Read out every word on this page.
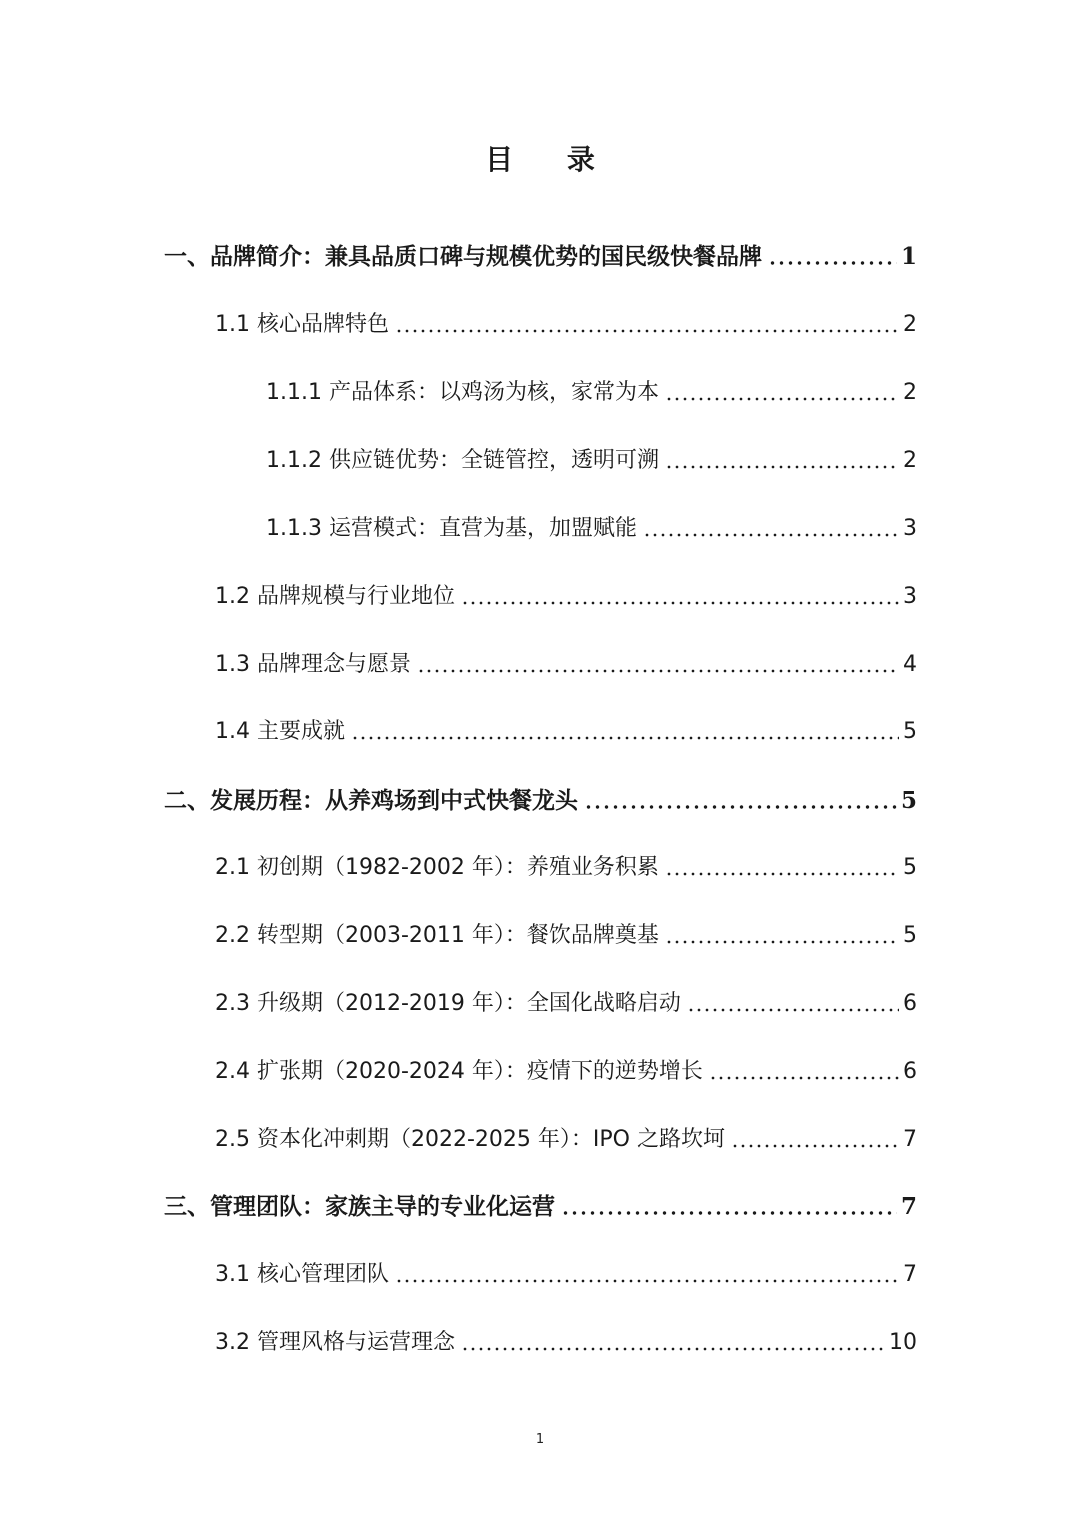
目 录
一、品牌简介：兼具品质口碑与规模优势的国民级快餐品牌	1
1.1 核心品牌特色	2
1.1.1 产品体系：以鸡汤为核，家常为本	2
1.1.2 供应链优势：全链管控，透明可溯	2
1.1.3 运营模式：直营为基，加盟赋能	3
1.2 品牌规模与行业地位	3
1.3 品牌理念与愿景	4
1.4 主要成就	5
二、发展历程：从养鸡场到中式快餐龙头	5
2.1 初创期（1982-2002 年）：养殖业务积累	5
2.2 转型期（2003-2011 年）：餐饮品牌奠基	5
2.3 升级期（2012-2019 年）：全国化战略启动	6
2.4 扩张期（2020-2024 年）：疫情下的逆势增长	6
2.5 资本化冲刺期（2022-2025 年）：IPO 之路坎坷	7
三、管理团队：家族主导的专业化运营	7
3.1 核心管理团队	7
3.2 管理风格与运营理念	10
1
